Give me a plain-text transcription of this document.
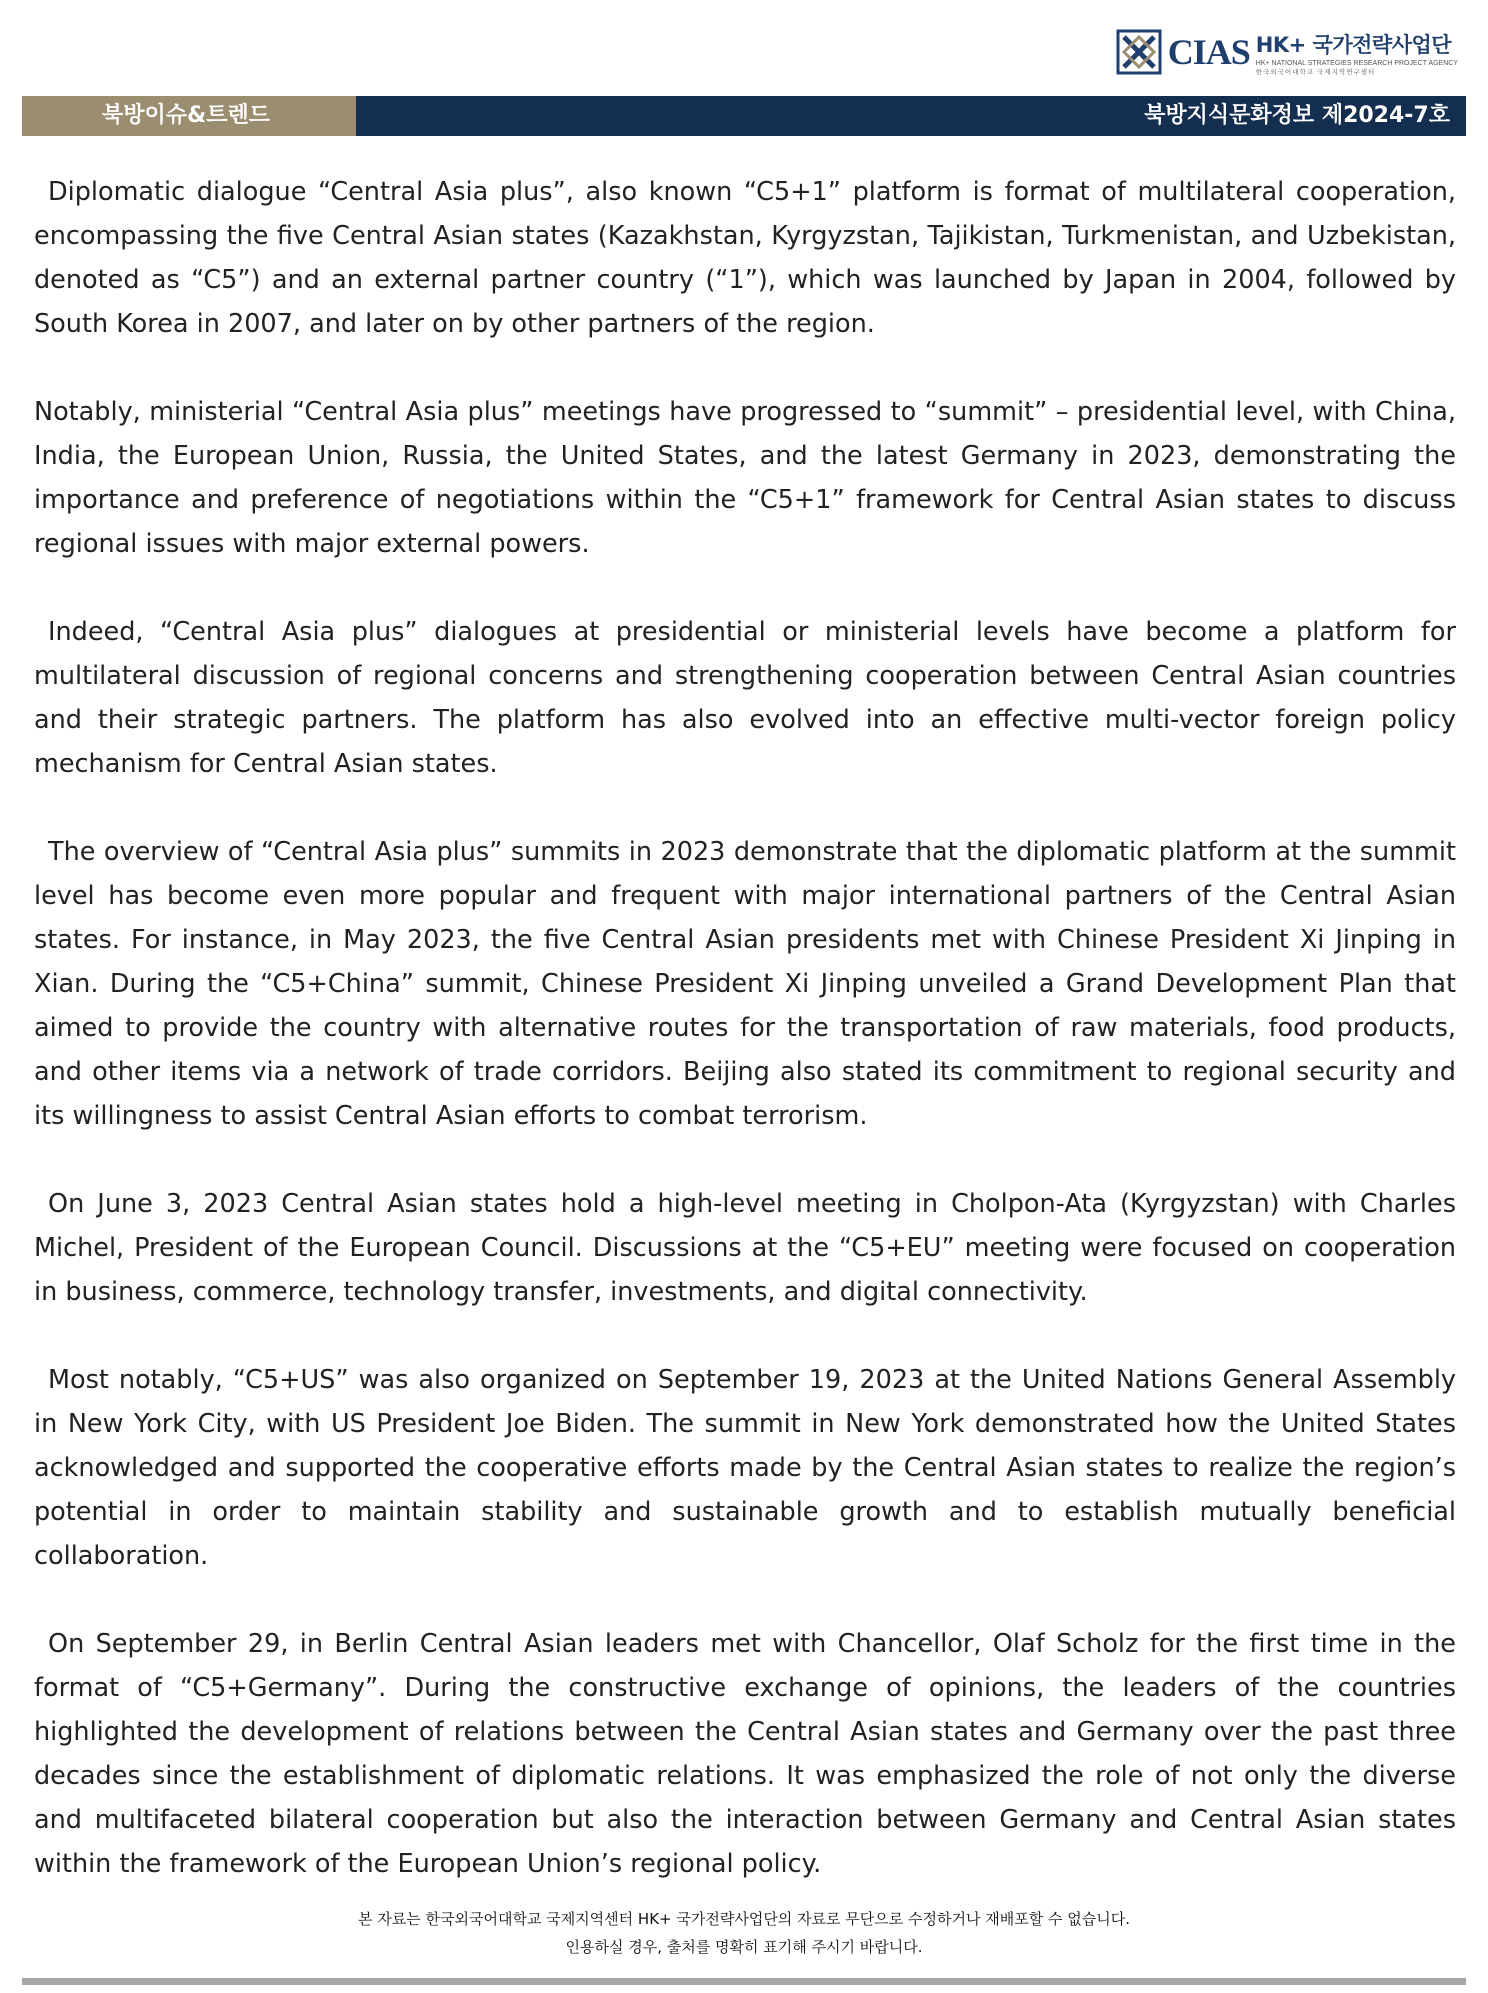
CIAS HK+ 국가전략사업단
HK+ NATIONAL STRATEGIES RESEARCH PROJECT AGENCY
한국외국어대학교 국제지역연구센터
북방이슈&트렌드	북방지식문화정보 제2024-7호

Diplomatic dialogue “Central Asia plus”, also known “C5+1” platform is format of multilateral cooperation, encompassing the five Central Asian states (Kazakhstan, Kyrgyzstan, Tajikistan, Turkmenistan, and Uzbekistan, denoted as “C5”) and an external partner country (“1”), which was launched by Japan in 2004, followed by South Korea in 2007, and later on by other partners of the region.

Notably, ministerial “Central Asia plus” meetings have progressed to “summit” – presidential level, with China, India, the European Union, Russia, the United States, and the latest Germany in 2023, demonstrating the importance and preference of negotiations within the “C5+1” framework for Central Asian states to discuss regional issues with major external powers.

Indeed, “Central Asia plus” dialogues at presidential or ministerial levels have become a platform for multilateral discussion of regional concerns and strengthening cooperation between Central Asian countries and their strategic partners. The platform has also evolved into an effective multi-vector foreign policy mechanism for Central Asian states.

The overview of “Central Asia plus” summits in 2023 demonstrate that the diplomatic platform at the summit level has become even more popular and frequent with major international partners of the Central Asian states. For instance, in May 2023, the five Central Asian presidents met with Chinese President Xi Jinping in Xian. During the “C5+China” summit, Chinese President Xi Jinping unveiled a Grand Development Plan that aimed to provide the country with alternative routes for the transportation of raw materials, food products, and other items via a network of trade corridors. Beijing also stated its commitment to regional security and its willingness to assist Central Asian efforts to combat terrorism.

On June 3, 2023 Central Asian states hold a high-level meeting in Cholpon-Ata (Kyrgyzstan) with Charles Michel, President of the European Council. Discussions at the “C5+EU” meeting were focused on cooperation in business, commerce, technology transfer, investments, and digital connectivity.

Most notably, “C5+US” was also organized on September 19, 2023 at the United Nations General Assembly in New York City, with US President Joe Biden. The summit in New York demonstrated how the United States acknowledged and supported the cooperative efforts made by the Central Asian states to realize the region’s potential in order to maintain stability and sustainable growth and to establish mutually beneficial collaboration.

On September 29, in Berlin Central Asian leaders met with Chancellor, Olaf Scholz for the first time in the format of “C5+Germany”. During the constructive exchange of opinions, the leaders of the countries highlighted the development of relations between the Central Asian states and Germany over the past three decades since the establishment of diplomatic relations. It was emphasized the role of not only the diverse and multifaceted bilateral cooperation but also the interaction between Germany and Central Asian states within the framework of the European Union’s regional policy.

본 자료는 한국외국어대학교 국제지역센터 HK+ 국가전략사업단의 자료로 무단으로 수정하거나 재배포할 수 없습니다.
인용하실 경우, 출처를 명확히 표기해 주시기 바랍니다.
